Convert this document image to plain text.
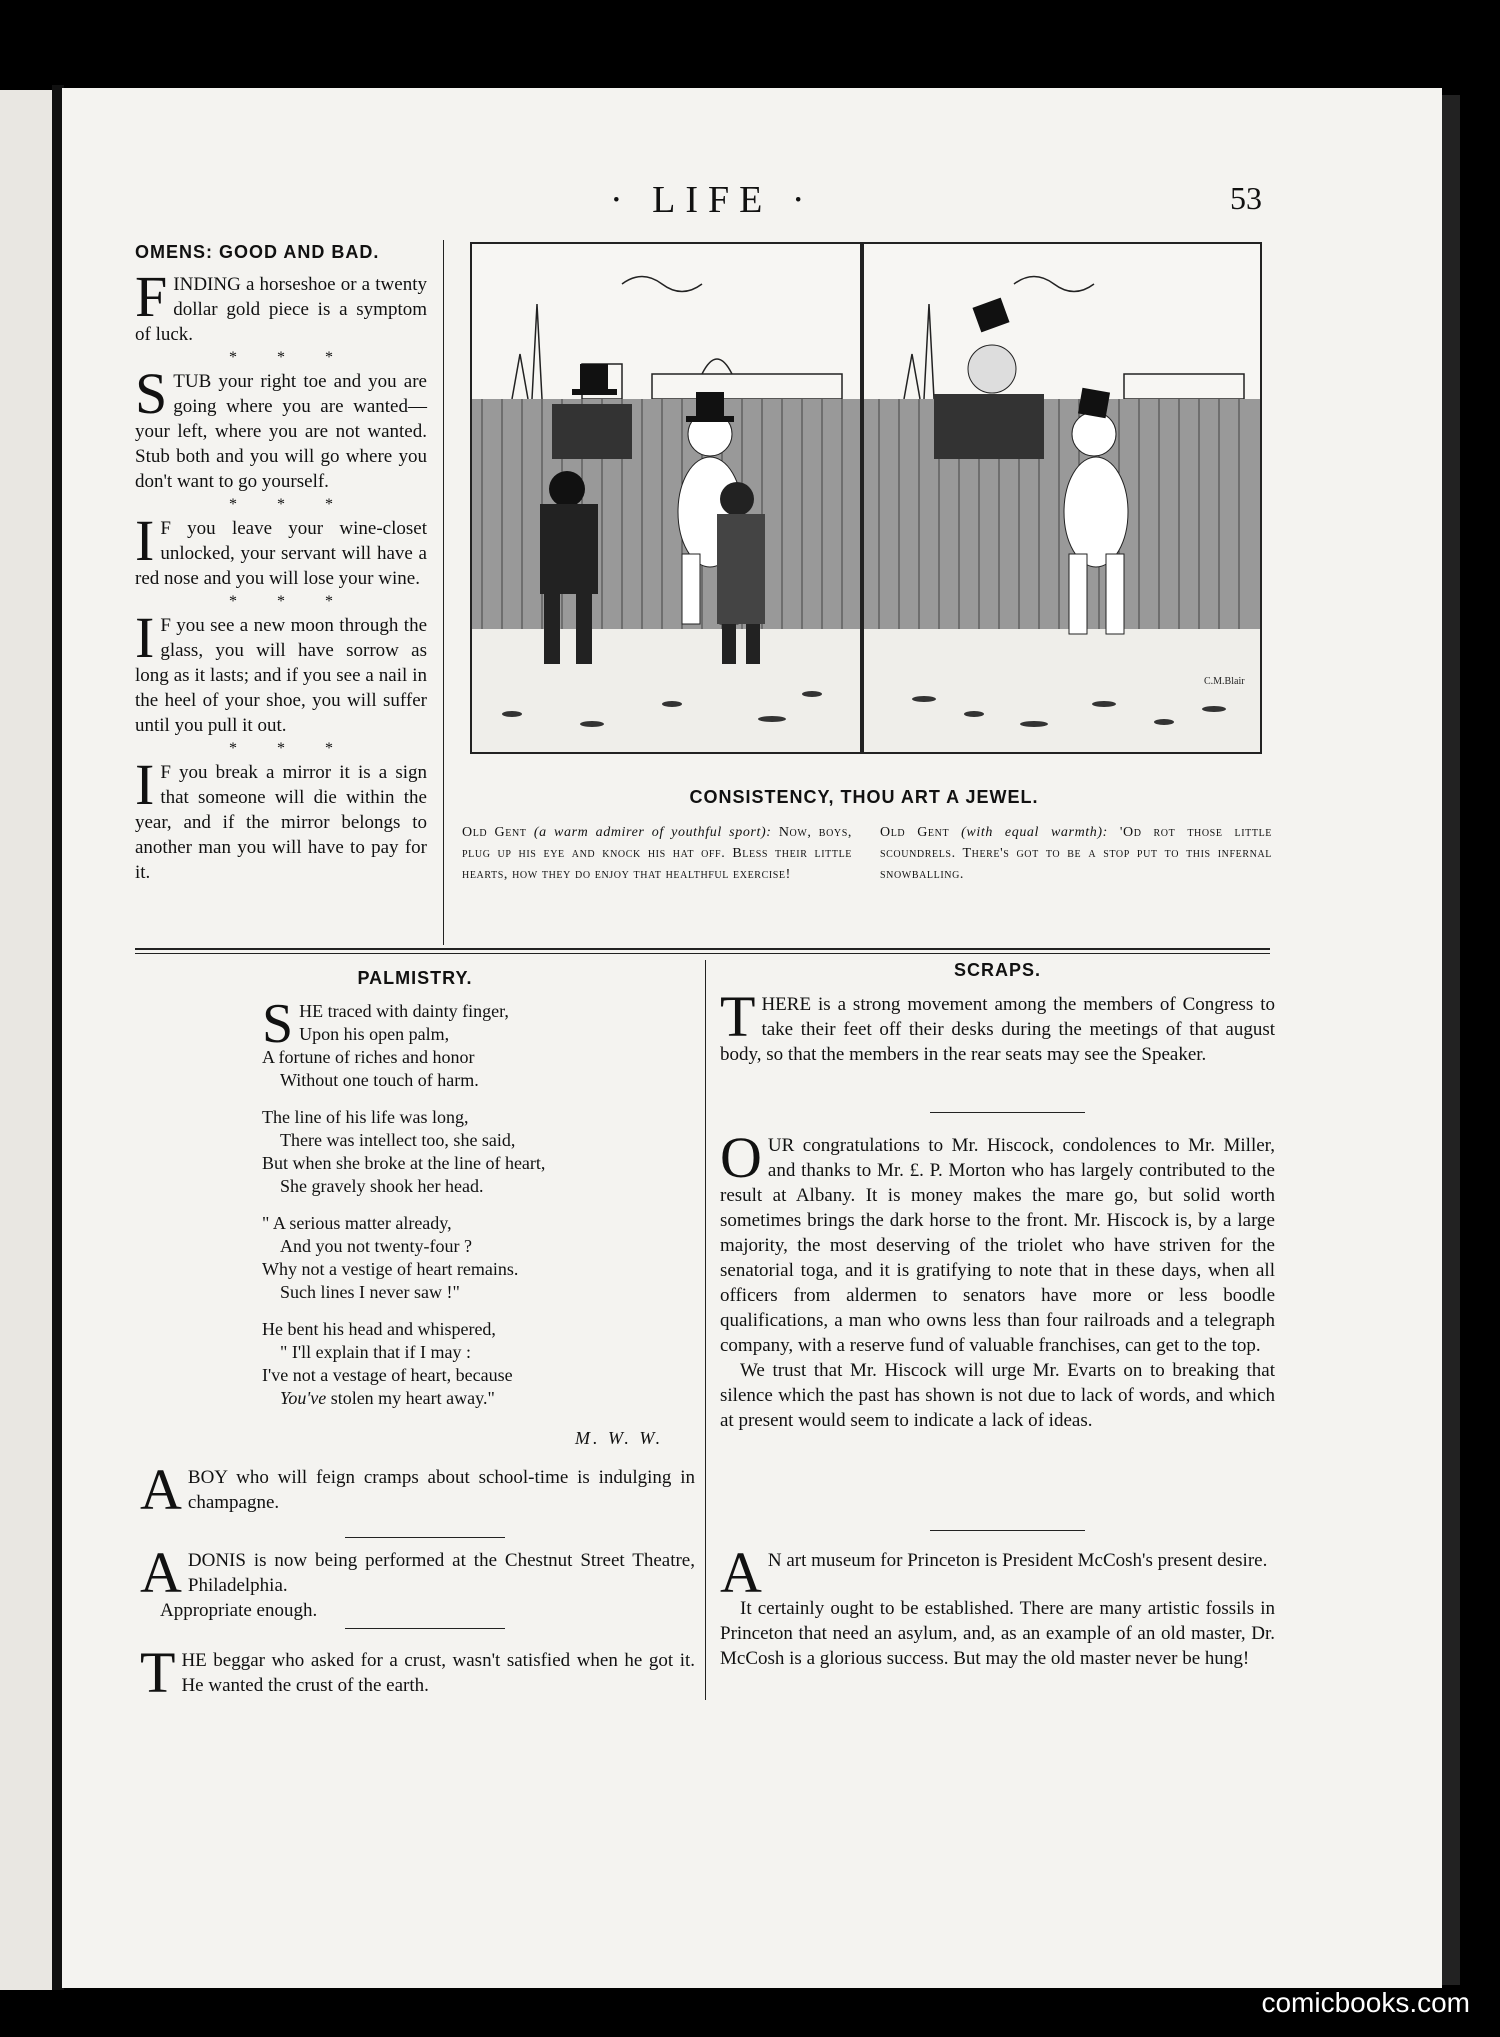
· LIFE ·	53
OMENS: GOOD AND BAD.

FINDING a horseshoe or a twenty dollar gold piece is a symptom of luck.

* * *

STUB your right toe and you are going where you are wanted—your left, where you are not wanted. Stub both and you will go where you don't want to go yourself.

* * *

I F you leave your wine-closet unlocked, your servant will have a red nose and you will lose your wine.

* * *

I F you see a new moon through the glass, you will have sorrow as long as it lasts; and if you see a nail in the heel of your shoe, you will suffer until you pull it out.

* * *

I F you break a mirror it is a sign that someone will die within the year, and if the mirror belongs to another man you will have to pay for it.

C.M.Blair
CONSISTENCY, THOU ART A JEWEL.
Old Gent (a warm admirer of youthful sport): Now, boys, plug up his eye and knock his hat off. Bless their little hearts, how they do enjoy that healthful exercise!
Old Gent (with equal warmth): 'Od rot those little scoundrels. There's got to be a stop put to this infernal snowballing.
PALMISTRY.
SHE traced with dainty finger,
Upon his open palm,
A fortune of riches and honor
Without one touch of harm.
The line of his life was long,
There was intellect too, she said,
But when she broke at the line of heart,
She gravely shook her head.
" A serious matter already,
And you not twenty-four ?
Why not a vestige of heart remains.
Such lines I never saw !"
He bent his head and whispered,
" I'll explain that if I may :
I've not a vestage of heart, because
You've stolen my heart away."
M. W. W.

ABOY who will feign cramps about school-time is indulging in champagne.

ADONIS is now being performed at the Chestnut Street Theatre, Philadelphia.

Appropriate enough.

THE beggar who asked for a crust, wasn't satisfied when he got it. He wanted the crust of the earth.

SCRAPS.

THERE is a strong movement among the members of Congress to take their feet off their desks during the meetings of that august body, so that the members in the rear seats may see the Speaker.

OUR congratulations to Mr. Hiscock, condolences to Mr. Miller, and thanks to Mr. £. P. Morton who has largely contributed to the result at Albany. It is money makes the mare go, but solid worth sometimes brings the dark horse to the front. Mr. Hiscock is, by a large majority, the most deserving of the triolet who have striven for the senatorial toga, and it is gratifying to note that in these days, when all officers from aldermen to senators have more or less boodle qualifications, a man who owns less than four railroads and a telegraph company, with a reserve fund of valuable franchises, can get to the top.

We trust that Mr. Hiscock will urge Mr. Evarts on to breaking that silence which the past has shown is not due to lack of words, and which at present would seem to indicate a lack of ideas.

A N art museum for Princeton is President McCosh's present desire.

It certainly ought to be established. There are many artistic fossils in Princeton that need an asylum, and, as an example of an old master, Dr. McCosh is a glorious success. But may the old master never be hung!

comicbooks.com
